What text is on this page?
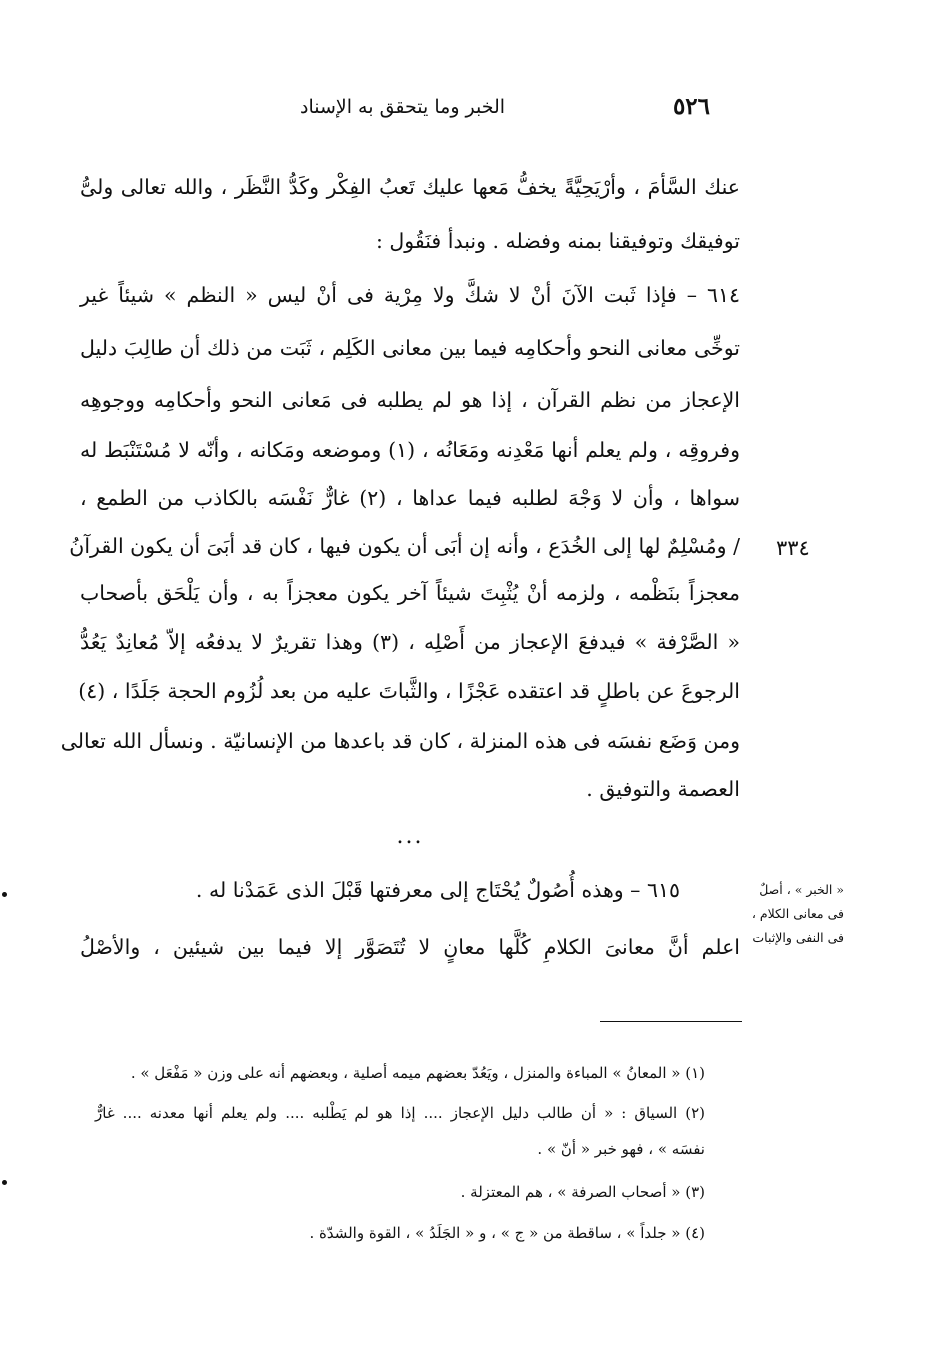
الخبر وما يتحقق به الإسناد	٥٢٦
عنك السَّأمَ ، وأرْيَحِيَّةً يخفُّ مَعها عليك تَعبُ الفِكْر وكَدُّ النَّظَر ، والله تعالى ولىُّ
توفيقك وتوفيقنا بمنه وفضله . ونبدأ فنَقُول :
٦١٤ – فإذا ثَبت الآنَ أنْ لا شكَّ ولا مِرْية فى أنْ ليس « النظم » شيئاً غير
توخِّى معانى النحو وأحكامِه فيما بين معانى الكَلِم ، ثَبَت من ذلك أن طالِبَ دليل
الإعجاز من نظم القرآن ، إذا هو لم يطلبه فى مَعانى النحو وأحكامِه ووجوهِه
وفروقِه ، ولم يعلم أنها مَعْدِنه ومَعَانُه ، (١) وموضعه ومَكانه ، وأنّه لا مُسْتَنْبَط له
سواها ، وأن لا وَجْهَ لطلبه فيما عداها ، (٢) غارٌّ نَفْسَه بالكاذب من الطمع ،
/ ومُسْلِمٌ لها إلى الخُدَع ، وأنه إن أبَى أن يكون فيها ، كان قد أبَىَ أن يكون القرآنُ
معجزاً بنَظْمه ، ولزمه أنْ يُثْبِتَ شيئاً آخر يكون معجزاً به ، وأن يَلْحَق بأصحاب
« الصَّرْفة » فيدفعَ الإعجاز من أَصْلِه ، (٣) وهذا تقريرٌ لا يدفعُه إلاّ مُعانِدٌ يَعُدُّ
الرجوعَ عن باطلٍ قد اعتقده عَجْزًا ، والثَّباتَ عليه من بعد لُزُوم الحجة جَلَدًا ، (٤)
ومن وَضَع نفسَه فى هذه المنزلة ، كان قد باعدها من الإنسانيّة . ونسأل الله تعالى
العصمة والتوفيق .
٦١٥ – وهذه أُصُولٌ يُحْتَاج إلى معرفتها قَبْلَ الذى عَمَدْنا له .
اعلم أنَّ معانىَ الكلامِ كُلَّها معانٍ لا تُتَصَوَّر إلا فيما بين شيئين ، والأصْلُ
...
٣٣٤
« الخبر » ، أصلٌ
فى معانى الكلام ،
فى النفى والإثبات
(١) « المعانُ » المباءة والمنزل ، ويَعُدّ بعضهم ميمه أصلية ، وبعضهم أنه على وزن « مَفْعَل » .
(٢) السياق : « أن طالب دليل الإعجاز .... إذا هو لم يَطْلبه .... ولم يعلم أنها معدنه .... غارٌّ
نفسَه » ، فهو خبر « أنّ » .
(٣) « أصحاب الصرفة » ، هم المعتزلة .
(٤) « جلداً » ، ساقطة من « ج » ، و « الجَلَدُ » ، القوة والشدّة .
